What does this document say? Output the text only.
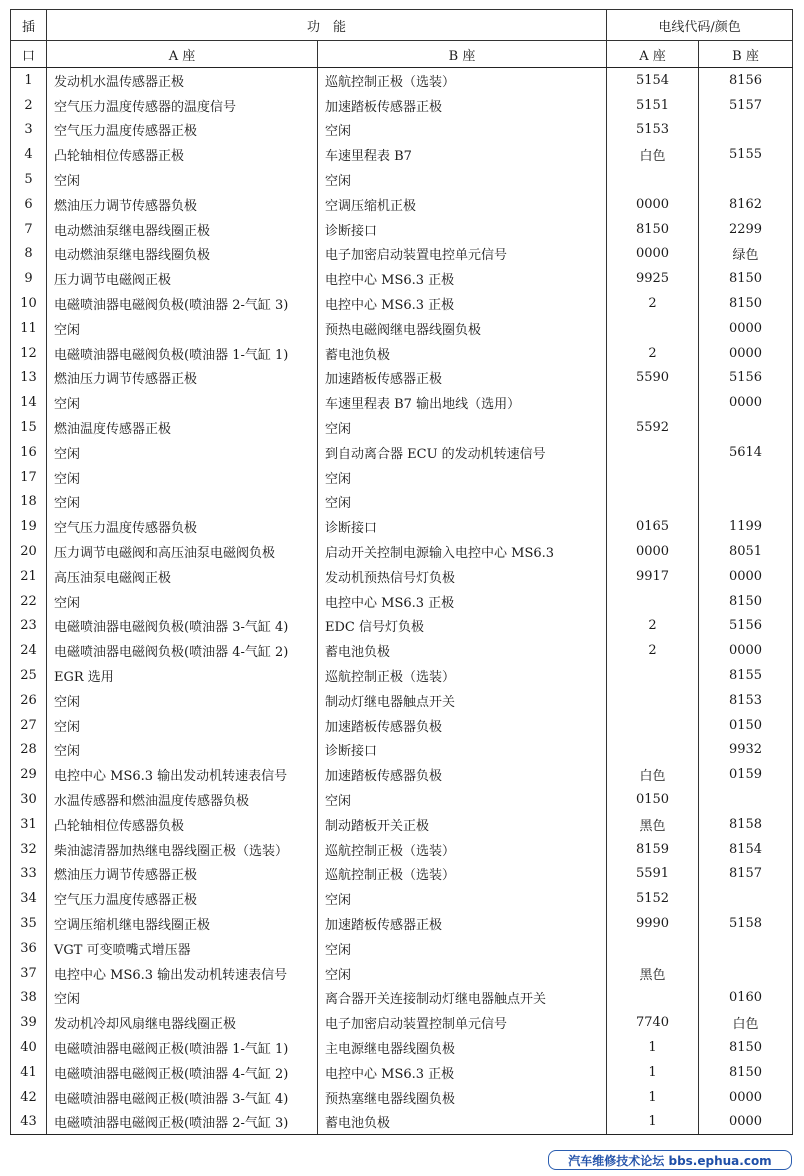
插	功　能		电线代码/颜色	
口	A 座	B 座	A 座	B 座
1	发动机水温传感器正极	巡航控制正极（选装）	5154	8156
2	空气压力温度传感器的温度信号	加速踏板传感器正极	5151	5157
3	空气压力温度传感器正极	空闲	5153	
4	凸轮轴相位传感器正极	车速里程表 B7	白色	5155
5	空闲	空闲		
6	燃油压力调节传感器负极	空调压缩机正极	0000	8162
7	电动燃油泵继电器线圈正极	诊断接口	8150	2299
8	电动燃油泵继电器线圈负极	电子加密启动装置电控单元信号	0000	绿色
9	压力调节电磁阀正极	电控中心 MS6.3 正极	9925	8150
10	电磁喷油器电磁阀负极(喷油器 2-气缸 3)	电控中心 MS6.3 正极	2	8150
11	空闲	预热电磁阀继电器线圈负极		0000
12	电磁喷油器电磁阀负极(喷油器 1-气缸 1)	蓄电池负极	2	0000
13	燃油压力调节传感器正极	加速踏板传感器正极	5590	5156
14	空闲	车速里程表 B7 输出地线（选用）		0000
15	燃油温度传感器正极	空闲	5592	
16	空闲	到自动离合器 ECU 的发动机转速信号		5614
17	空闲	空闲		
18	空闲	空闲		
19	空气压力温度传感器负极	诊断接口	0165	1199
20	压力调节电磁阀和高压油泵电磁阀负极	启动开关控制电源输入电控中心 MS6.3	0000	8051
21	高压油泵电磁阀正极	发动机预热信号灯负极	9917	0000
22	空闲	电控中心 MS6.3 正极		8150
23	电磁喷油器电磁阀负极(喷油器 3-气缸 4)	EDC 信号灯负极	2	5156
24	电磁喷油器电磁阀负极(喷油器 4-气缸 2)	蓄电池负极	2	0000
25	EGR 选用	巡航控制正极（选装）		8155
26	空闲	制动灯继电器触点开关		8153
27	空闲	加速踏板传感器负极		0150
28	空闲	诊断接口		9932
29	电控中心 MS6.3 输出发动机转速表信号	加速踏板传感器负极	白色	0159
30	水温传感器和燃油温度传感器负极	空闲	0150	
31	凸轮轴相位传感器负极	制动踏板开关正极	黑色	8158
32	柴油滤清器加热继电器线圈正极（选装）	巡航控制正极（选装）	8159	8154
33	燃油压力调节传感器正极	巡航控制正极（选装）	5591	8157
34	空气压力温度传感器正极	空闲	5152	
35	空调压缩机继电器线圈正极	加速踏板传感器正极	9990	5158
36	VGT 可变喷嘴式增压器	空闲		
37	电控中心 MS6.3 输出发动机转速表信号	空闲	黑色	
38	空闲	离合器开关连接制动灯继电器触点开关		0160
39	发动机冷却风扇继电器线圈正极	电子加密启动装置控制单元信号	7740	白色
40	电磁喷油器电磁阀正极(喷油器 1-气缸 1)	主电源继电器线圈负极	1	8150
41	电磁喷油器电磁阀正极(喷油器 4-气缸 2)	电控中心 MS6.3 正极	1	8150
42	电磁喷油器电磁阀正极(喷油器 3-气缸 4)	预热塞继电器线圈负极	1	0000
43	电磁喷油器电磁阀正极(喷油器 2-气缸 3)	蓄电池负极	1	0000
汽车维修技术论坛 bbs.ephua.com
